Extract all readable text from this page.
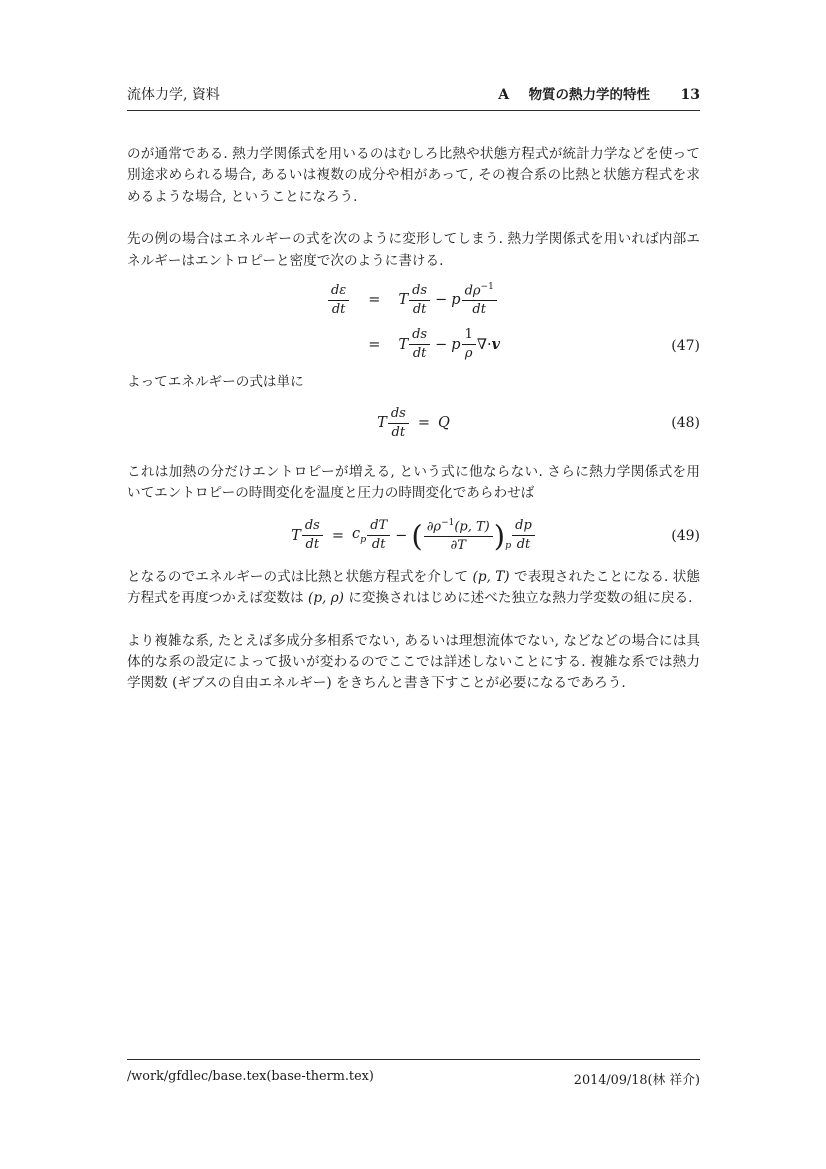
流体力学, 資料	A 物質の熱力学的特性 13

のが通常である. 熱力学関係式を用いるのはむしろ比熱や状態方程式が統計力学などを使って別途求められる場合, あるいは複数の成分や相があって, その複合系の比熱と状態方程式を求めるような場合, ということになろう.

先の例の場合はエネルギーの式を次のように変形してしまう. 熱力学関係式を用いれば内部エネルギーはエントロピーと密度で次のように書ける.

$\frac{d\varepsilon}{dt} = T \frac{ds}{dt} - p \frac{d\rho^{-1}}{dt}$
= T $\frac{ds}{dt} - p \frac{1}{\rho}$ ∇· v	(47)

よってエネルギーの式は単に

T $\frac{ds}{dt} = Q$	(48)

これは加熱の分だけエントロピーが増える, という式に他ならない. さらに熱力学関係式を用いてエントロピーの時間変化を温度と圧力の時間変化であらわせば

T $\frac{ds}{dt} = c_p \frac{dT}{dt}$ − ( $\frac{\partial\rho^{-1}(p, T)}{\partial T}$ ) p $\frac{dp}{dt}$	(49)

となるのでエネルギーの式は比熱と状態方程式を介して (p, T) で表現されたことになる. 状態方程式を再度つかえば変数は (p, ρ) に変換されはじめに述べた独立な熱力学変数の組に戻る.

より複雑な系, たとえば多成分多相系でない, あるいは理想流体でない, などなどの場合には具体的な系の設定によって扱いが変わるのでここでは詳述しないことにする. 複雑な系では熱力学関数 (ギブスの自由エネルギー) をきちんと書き下すことが必要になるであろう.

/work/gfdlec/base.tex(base-therm.tex)	2014/09/18(林 祥介)
